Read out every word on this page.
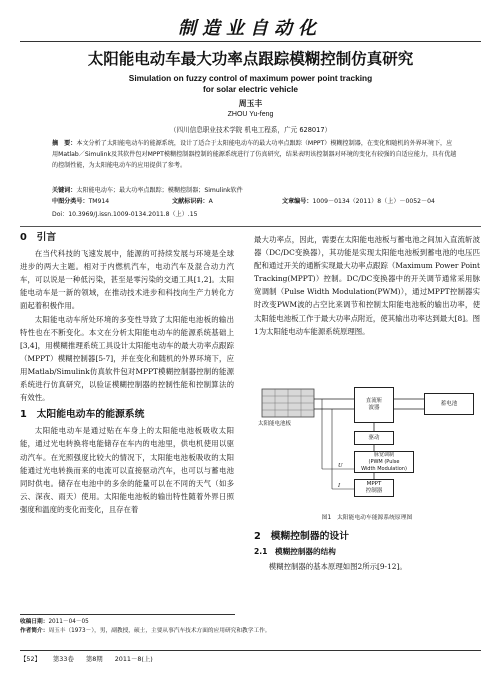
制造业自动化
太阳能电动车最大功率点跟踪模糊控制仿真研究
Simulation on fuzzy control of maximum power point tracking
for solar electric vehicle
周玉丰
ZHOU Yu-feng
（四川信息职业技术学院 机电工程系，广元 628017）
摘　要：本文分析了太阳能电动车的能源系统，设计了适合于太阳能电动车的最大功率点跟踪（MPPT）模糊控制器，在变化和随机的外界环境下，应用Matlab／Simulink及其软件包对MPPT模糊控制器控制的能源系统进行了仿真研究，结果表明该控制器对环境的变化有较强的自适应能力，具有优越的控制性能，为太阳能电动车的应用提供了参考。
关键词：太阳能电动车；最大功率点跟踪；模糊控制器；Simulink软件
中图分类号：TM914	文献标识码：A	文章编号：1009－0134（2011）8（上）－0052－04
Doi：10.3969/J.issn.1009-0134.2011.8（上）.15
0　引言

在当代科技的飞速发展中，能源的可持续发展与环境是全球进步的两大主题。相对于内燃机汽车，电动汽车及混合动力汽车，可以说是一种低污染，甚至是零污染的交通工具[1,2]。太阳能电动车是一新的领域，在推动技术进步和科技向生产力转化方面起着积极作用。

太阳能电动车所处环境的多变性导致了太阳能电池板的输出特性也在不断变化。本文在分析太阳能电动车的能源系统基础上[3,4]，用模糊推理系统工具设计太阳能电动车的最大功率点跟踪（MPPT）模糊控制器[5-7]，并在变化和随机的外界环境下，应用Matlab/Simulink仿真软件包对MPPT模糊控制器控制的能源系统进行仿真研究，以验证模糊控制器的控制性能和控制算法的有效性。

1　太阳能电动车的能源系统

太阳能电动车是通过贴在车身上的太阳能电池板吸收太阳能，通过光电转换将电能储存在车内的电池里，供电机使用以驱动汽车。在光照强度比较大的情况下，太阳能电池板吸收的太阳能通过光电转换而来的电流可以直接驱动汽车，也可以与蓄电池同时供电。储存在电池中的多余的能量可以在不同的天气（如多云、深夜、雨天）使用。太阳能电池板的输出特性随着外界日照强度和温度的变化而变化，且存在着

最大功率点，因此，需要在太阳能电池板与蓄电池之间加入直流斩波器（DC/DC变换器），其功能是实现太阳能电池板到蓄电池的电压匹配和通过开关的通断实现最大功率点跟踪（Maximum Power Point Tracking(MPPT)）控制。DC/DC变换器中的开关调节通常采用脉宽调制（Pulse Width Modulation(PWM)），通过MPPT控制器实时改变PWM波的占空比来调节和控制太阳能电池板的输出功率，使太阳能电池板工作于最大功率点附近，使其输出功率达到最大[8]。图1为太阳能电动车能源系统原理图。

直流斩
波器
蓄电池
太阳能电池板
驱动
脉宽调制
(PWM (Pulse
Width Modulation)
MPPT
控制器
U
I
图1　太阳能电动车能源系统原理图
2　模糊控制器的设计
2.1　模糊控制器的结构

模糊控制器的基本原理如图2所示[9-12]。

收稿日期：2011－04－05
作者简介：周玉丰（1973－），男，副教授，硕士，主要从事汽车技术方面的应用研究和教学工作。
【52】 第33卷 第8期 2011－8(上)
